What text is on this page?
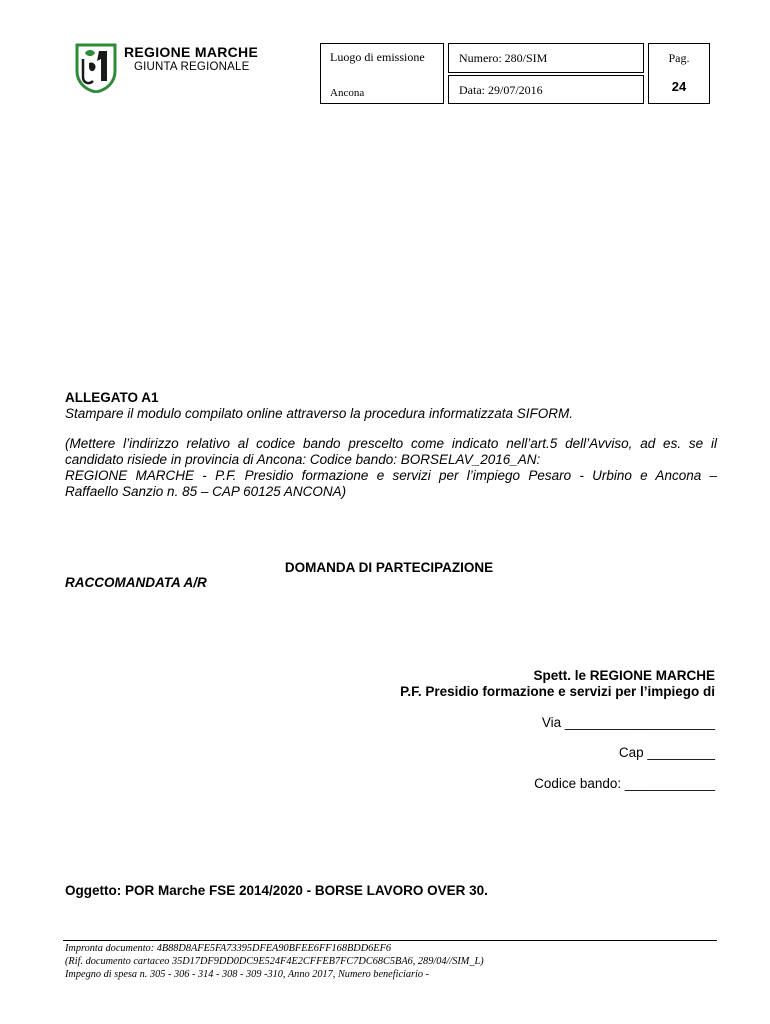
REGIONE MARCHE
GIUNTA REGIONALE
Luogo di emissione
Ancona
Numero: 280/SIM
Data: 29/07/2016
Pag.
24
ALLEGATO A1
Stampare il modulo compilato online attraverso la procedura informatizzata SIFORM.
(Mettere l’indirizzo relativo al codice bando prescelto come indicato nell’art.5 dell’Avviso, ad es. se il
candidato risiede in provincia di Ancona: Codice bando: BORSELAV_2016_AN:
REGIONE MARCHE - P.F. Presidio formazione e servizi per l’impiego Pesaro - Urbino e Ancona –
Raffaello Sanzio n. 85 – CAP 60125 ANCONA)
DOMANDA DI PARTECIPAZIONE
RACCOMANDATA A/R
Spett. le REGIONE MARCHE
P.F. Presidio formazione e servizi per l’impiego di
Via ____________________
Cap _________
Codice bando: ____________
Oggetto: POR Marche FSE 2014/2020 - BORSE LAVORO OVER 30.
Impronta documento: 4B88D8AFE5FA73395DFEA90BFEE6FF168BDD6EF6
(Rif. documento cartaceo 35D17DF9DD0DC9E524F4E2CFFEB7FC7DC68C5BA6, 289/04//SIM_L)
Impegno di spesa n. 305 - 306 - 314 - 308 - 309 -310, Anno 2017, Numero beneficiario -
